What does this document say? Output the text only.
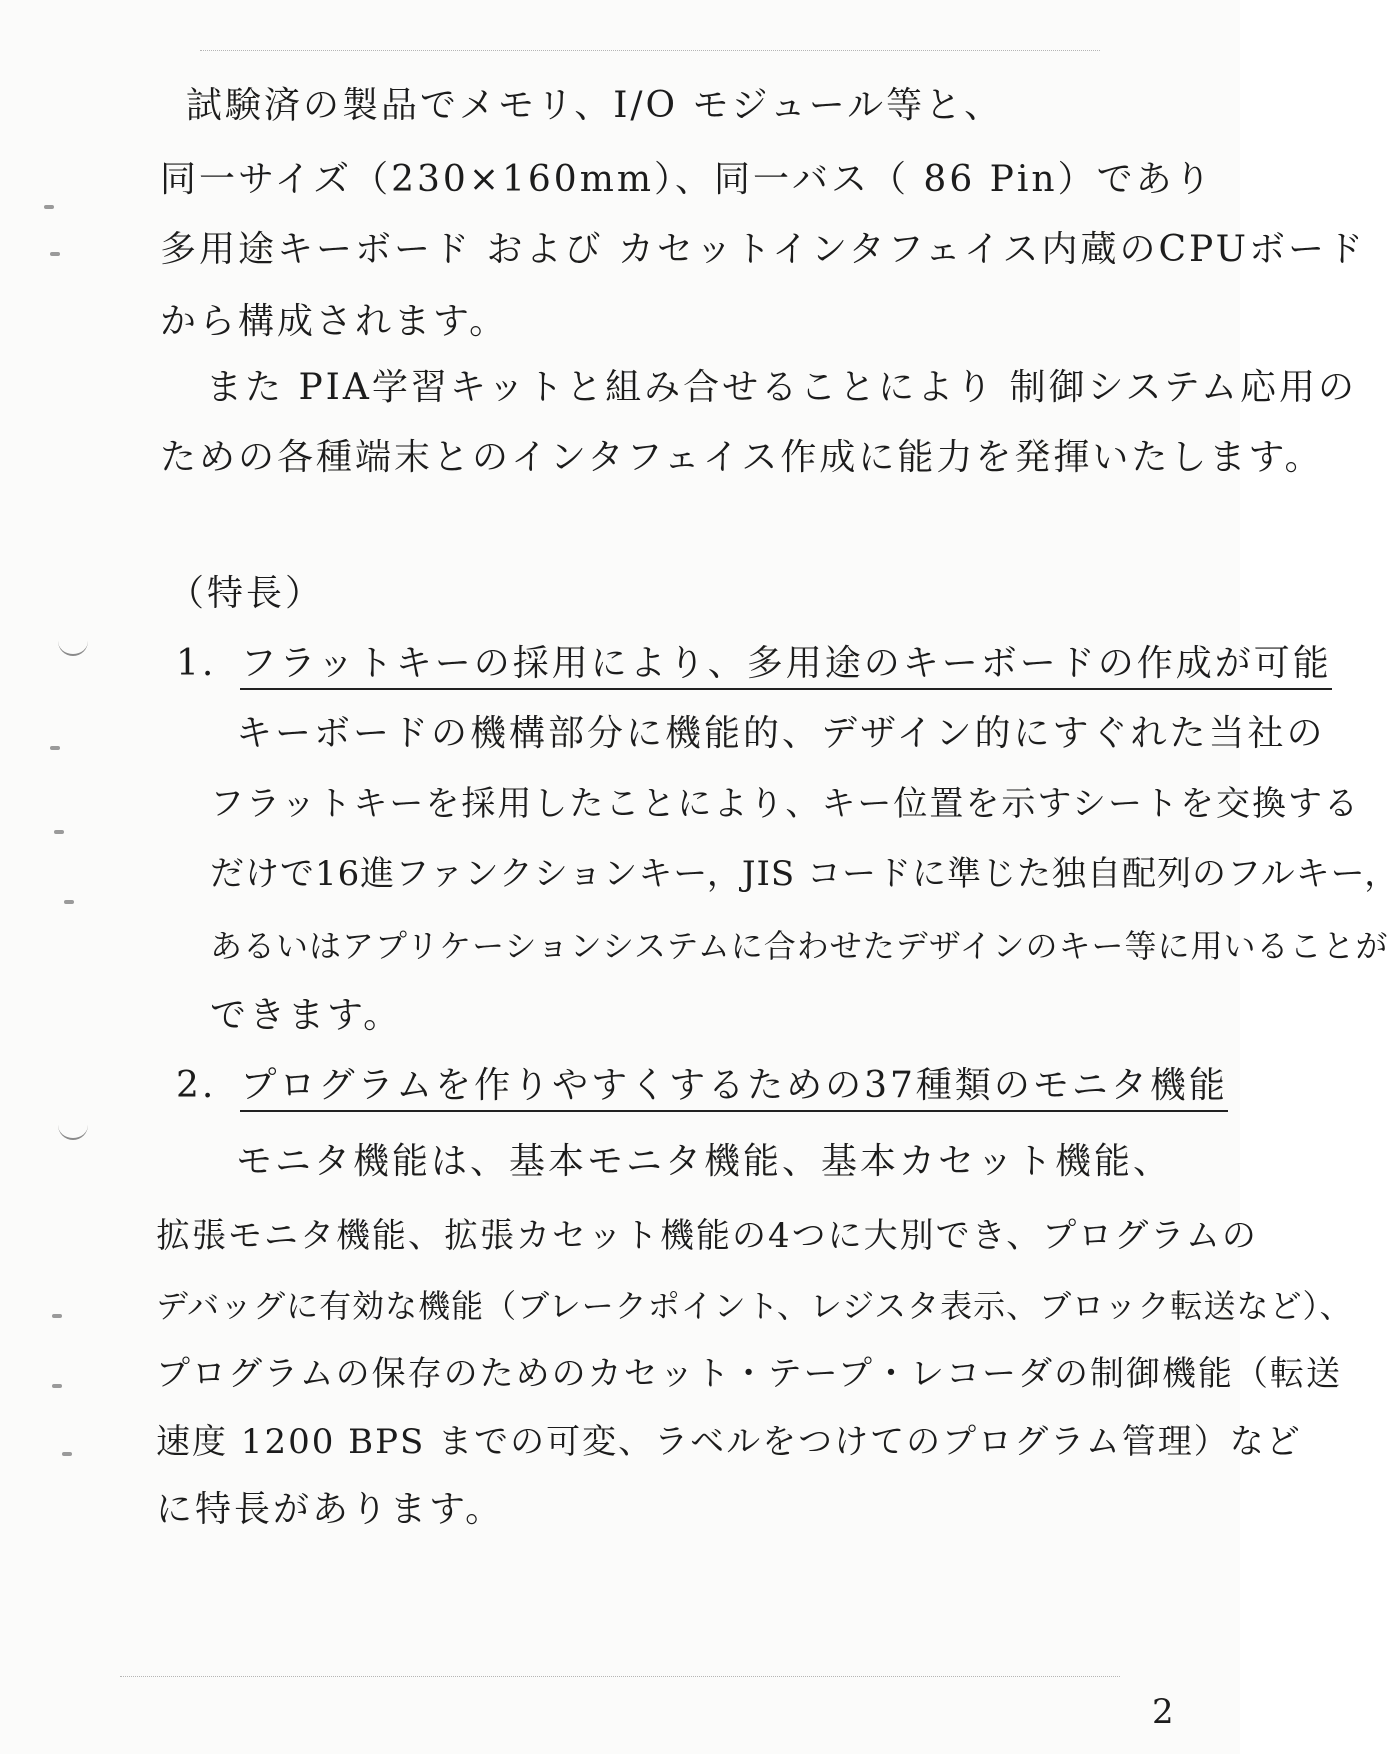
試験済の製品でメモリ、I/O モジュール等と、
同一サイズ（230×160mm）、同一バス（ 86 Pin）であり
多用途キーボード および カセットインタフェイス内蔵のCPUボード
から構成されます。
また PIA学習キットと組み合せることにより 制御システム応用の
ための各種端末とのインタフェイス作成に能力を発揮いたします。
（特長）
1. フラットキーの採用により、多用途のキーボードの作成が可能
キーボードの機構部分に機能的、デザイン的にすぐれた当社の
フラットキーを採用したことにより、キー位置を示すシートを交換する
だけで16進ファンクションキー，JIS コードに準じた独自配列のフルキー，
あるいはアプリケーションシステムに合わせたデザインのキー等に用いることが
できます。
2. プログラムを作りやすくするための37種類のモニタ機能
モニタ機能は、基本モニタ機能、基本カセット機能、
拡張モニタ機能、拡張カセット機能の4つに大別でき、プログラムの
デバッグに有効な機能（ブレークポイント、レジスタ表示、ブロック転送など）、
プログラムの保存のためのカセット・テープ・レコーダの制御機能（転送
速度 1200 BPS までの可変、ラベルをつけてのプログラム管理）など
に特長があります。
2
